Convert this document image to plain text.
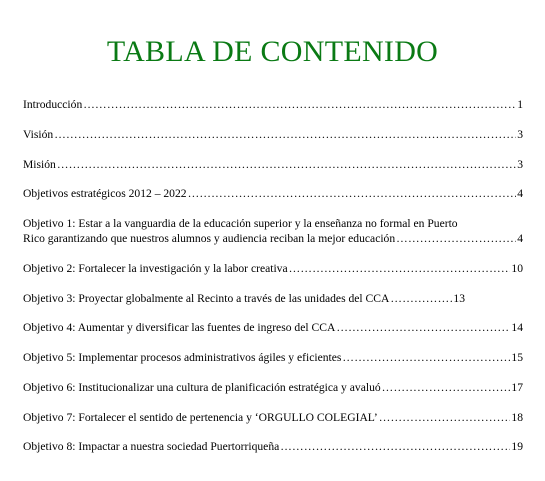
TABLA DE CONTENIDO
Introducción …………………………………………………………………………………………………………………………………………………	1
Visión …………………………………………………………………………………………………………………………………………………	3
Misión …………………………………………………………………………………………………………………………………………………	3
Objetivos estratégicos 2012 – 2022 …………………………………………………………………………………………………………………………………………………	4
Objetivo 1: Estar a la vanguardia de la educación superior y la enseñanza no formal en Puerto
Rico garantizando que nuestros alumnos y audiencia reciban la mejor educación …………………………………………………………………………………………………………………………………………………	4
Objetivo 2: Fortalecer la investigación y la labor creativa …………………………………………………………………………………………………………………………………………………	10
Objetivo 3: Proyectar globalmente al Recinto a través de las unidades del CCA …………………………………………………………………………………………………………………………………………………	13
Objetivo 4: Aumentar y diversificar las fuentes de ingreso del CCA …………………………………………………………………………………………………………………………………………………	14
Objetivo 5: Implementar procesos administrativos ágiles y eficientes …………………………………………………………………………………………………………………………………………………	15
Objetivo 6: Institucionalizar una cultura de planificación estratégica y avaluó …………………………………………………………………………………………………………………………………………………	17
Objetivo 7: Fortalecer el sentido de pertenencia y ‘ORGULLO COLEGIAL’ …………………………………………………………………………………………………………………………………………………	18
Objetivo 8: Impactar a nuestra sociedad Puertorriqueña …………………………………………………………………………………………………………………………………………………	19
